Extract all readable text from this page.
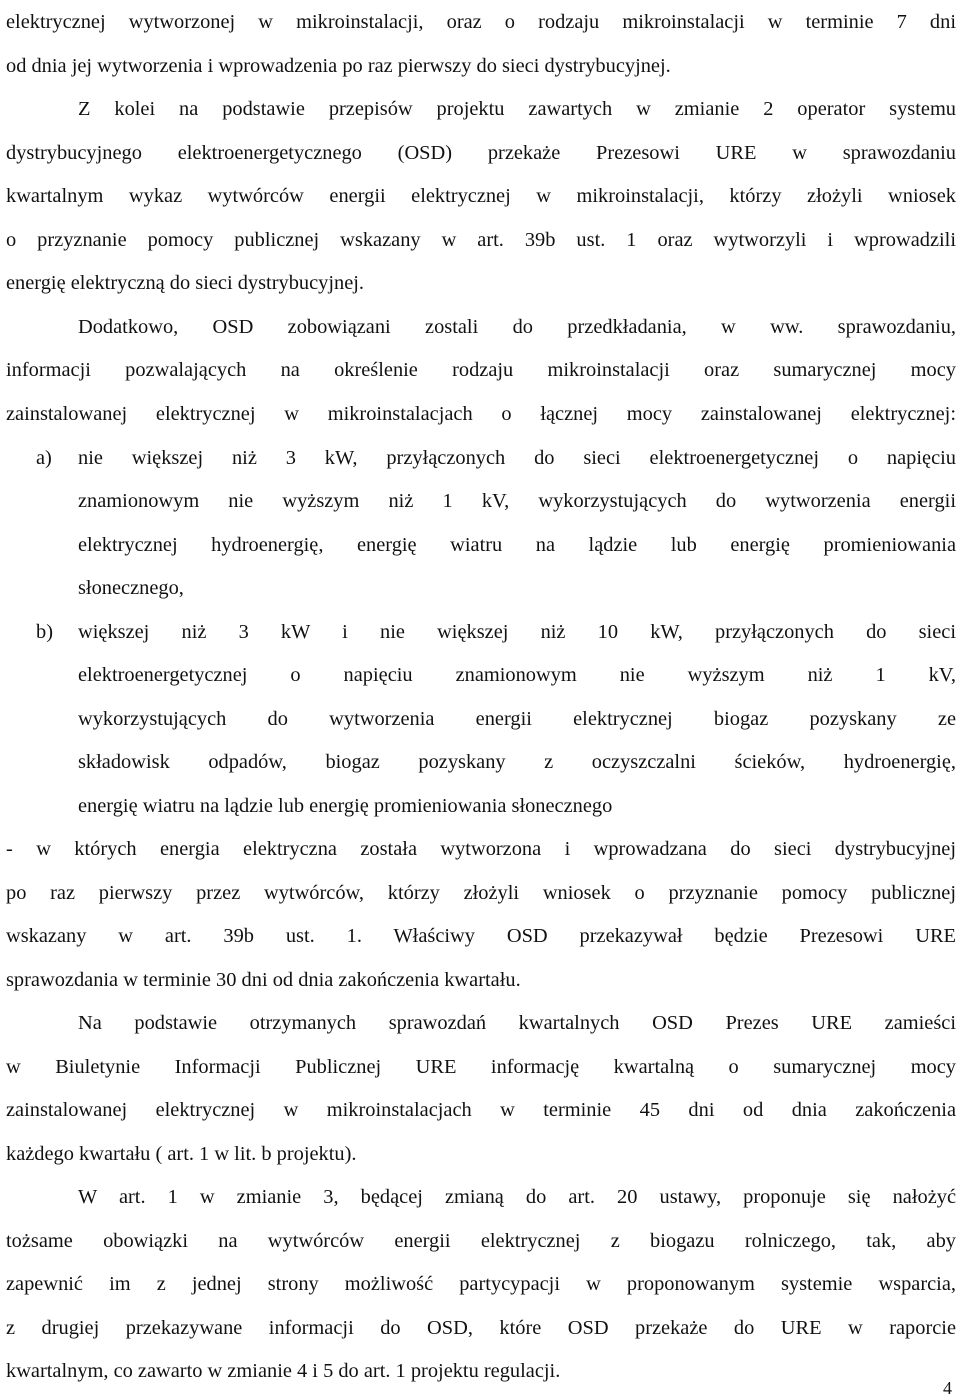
elektrycznej wytworzonej w mikroinstalacji, oraz o rodzaju mikroinstalacji w terminie 7 dni
od dnia jej wytworzenia i wprowadzenia po raz pierwszy do sieci dystrybucyjnej.
Z kolei na podstawie przepisów projektu zawartych w zmianie 2 operator systemu
dystrybucyjnego elektroenergetycznego (OSD) przekaże Prezesowi URE w sprawozdaniu
kwartalnym wykaz wytwórców energii elektrycznej w mikroinstalacji, którzy złożyli wniosek
o przyznanie pomocy publicznej wskazany w art. 39b ust. 1 oraz wytworzyli i wprowadzili
energię elektryczną do sieci dystrybucyjnej.
Dodatkowo, OSD zobowiązani zostali do przedkładania, w ww. sprawozdaniu,
informacji pozwalających na określenie rodzaju mikroinstalacji oraz sumarycznej mocy
zainstalowanej elektrycznej w mikroinstalacjach o łącznej mocy zainstalowanej elektrycznej:
a) nie większej niż 3 kW, przyłączonych do sieci elektroenergetycznej o napięciu
znamionowym nie wyższym niż 1 kV, wykorzystujących do wytworzenia energii
elektrycznej hydroenergię, energię wiatru na lądzie lub energię promieniowania
słonecznego,
b) większej niż 3 kW i nie większej niż 10 kW, przyłączonych do sieci
elektroenergetycznej o napięciu znamionowym nie wyższym niż 1 kV,
wykorzystujących do wytworzenia energii elektrycznej biogaz pozyskany ze
składowisk odpadów, biogaz pozyskany z oczyszczalni ścieków, hydroenergię,
energię wiatru na lądzie lub energię promieniowania słonecznego
- w których energia elektryczna została wytworzona i wprowadzana do sieci dystrybucyjnej
po raz pierwszy przez wytwórców, którzy złożyli wniosek o przyznanie pomocy publicznej
wskazany w art. 39b ust. 1. Właściwy OSD przekazywał będzie Prezesowi URE
sprawozdania w terminie 30 dni od dnia zakończenia kwartału.
Na podstawie otrzymanych sprawozdań kwartalnych OSD Prezes URE zamieści
w Biuletynie Informacji Publicznej URE informację kwartalną o sumarycznej mocy
zainstalowanej elektrycznej w mikroinstalacjach w terminie 45 dni od dnia zakończenia
każdego kwartału ( art. 1 w lit. b projektu).
W art. 1 w zmianie 3, będącej zmianą do art. 20 ustawy, proponuje się nałożyć
tożsame obowiązki na wytwórców energii elektrycznej z biogazu rolniczego, tak, aby
zapewnić im z jednej strony możliwość partycypacji w proponowanym systemie wsparcia,
z drugiej przekazywane informacji do OSD, które OSD przekaże do URE w raporcie
kwartalnym, co zawarto w zmianie 4 i 5 do art. 1 projektu regulacji.
4
